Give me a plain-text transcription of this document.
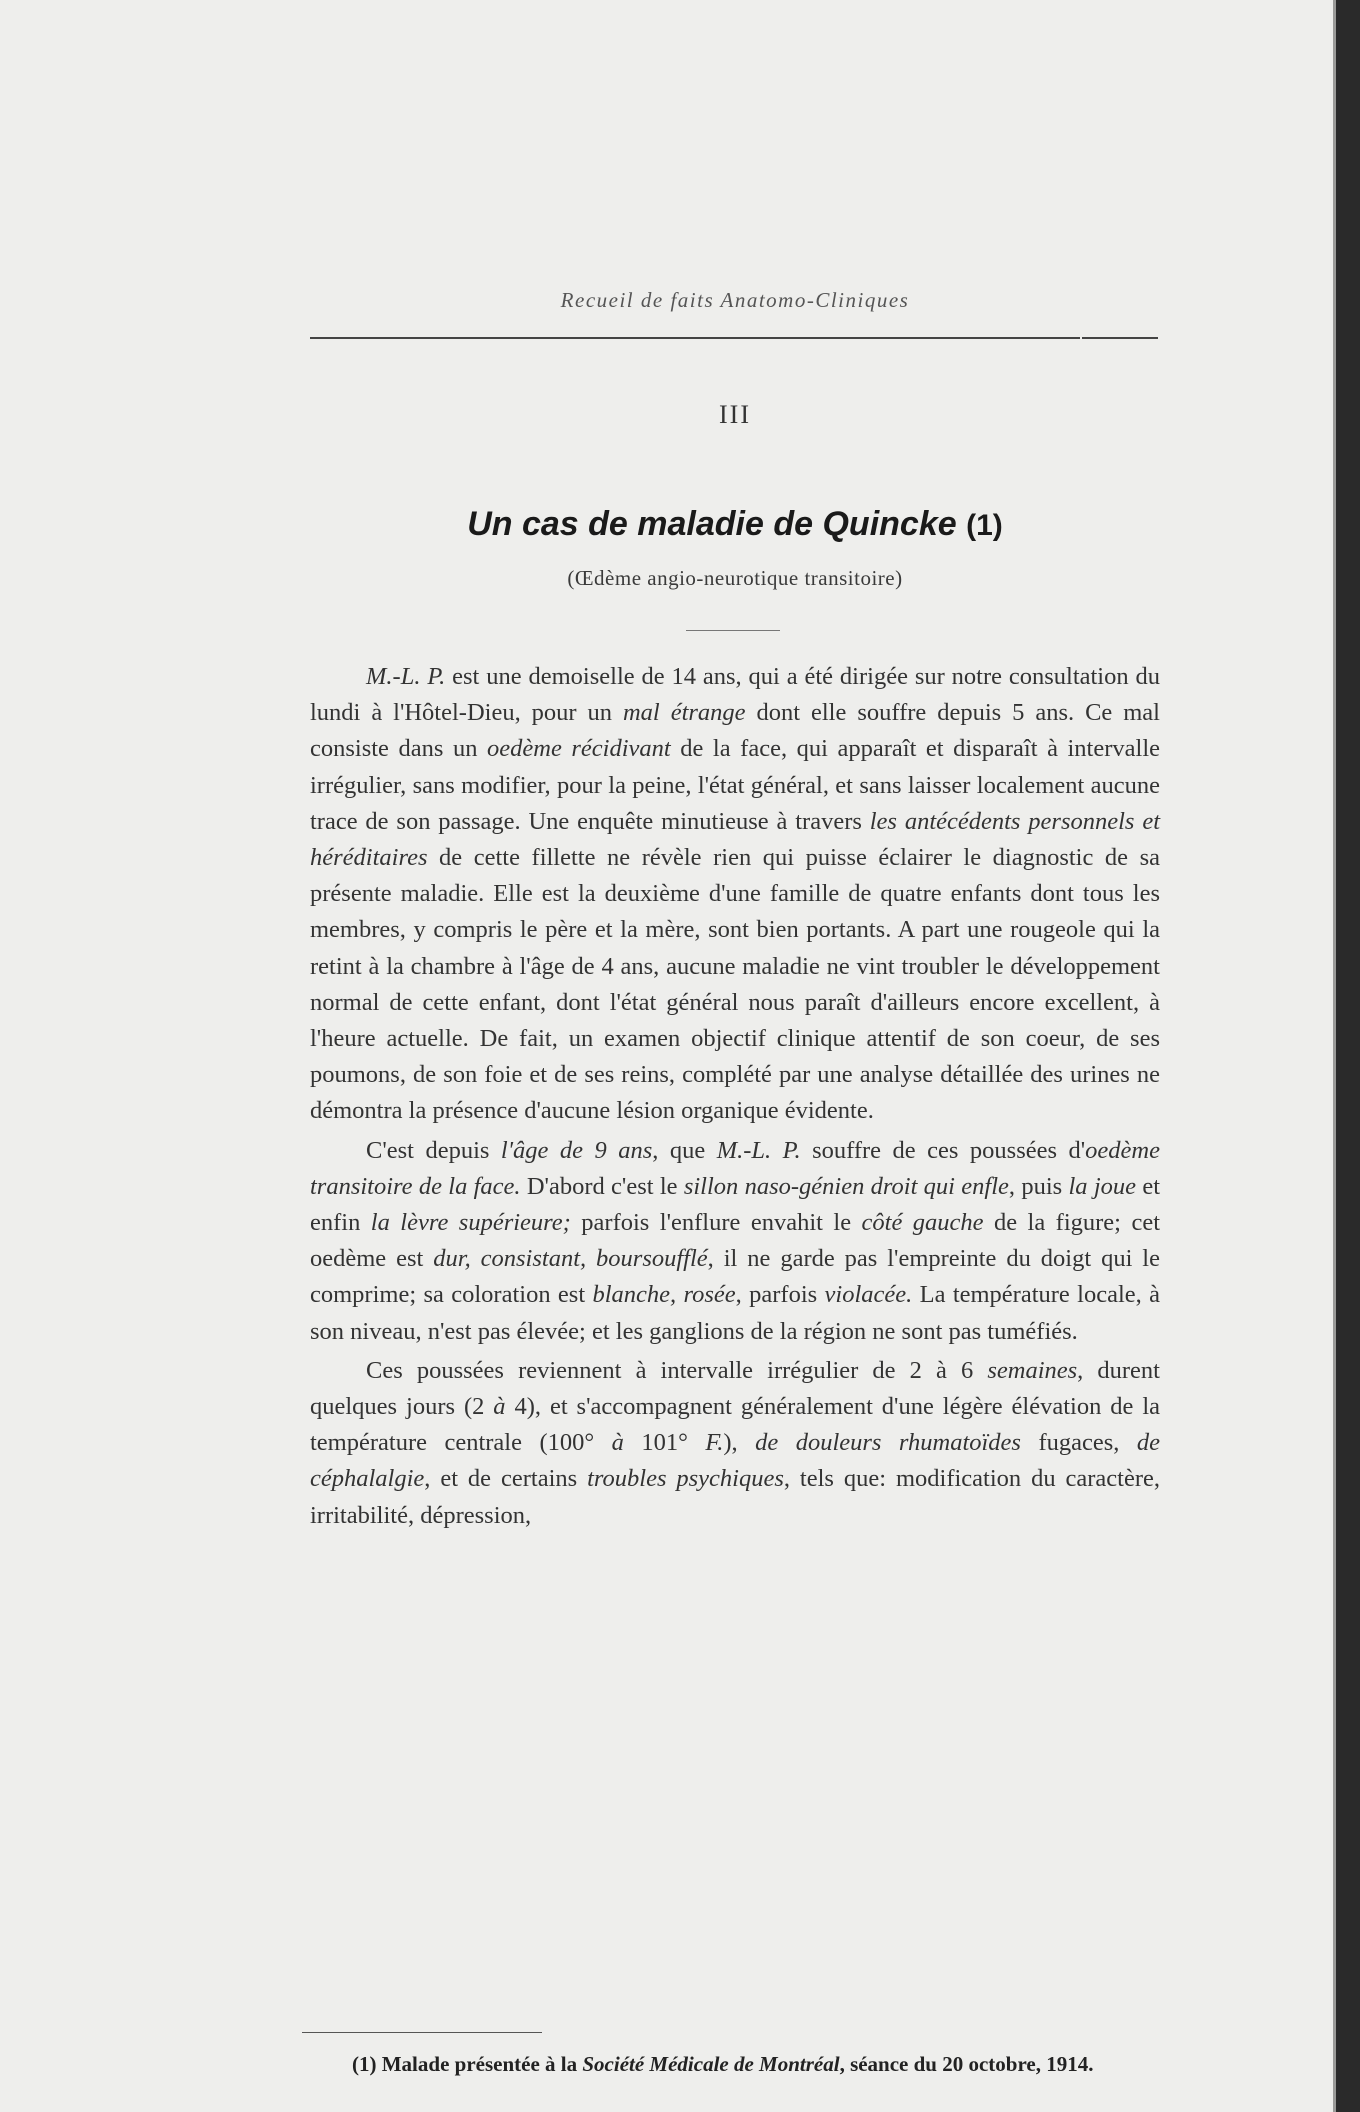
Recueil de faits Anatomo-Cliniques
III
Un cas de maladie de Quincke (1)
(Œdème angio-neurotique transitoire)

M.-L. P. est une demoiselle de 14 ans, qui a été dirigée sur notre consultation du lundi à l'Hôtel-Dieu, pour un mal étrange dont elle souffre depuis 5 ans. Ce mal consiste dans un oedème récidivant de la face, qui apparaît et disparaît à intervalle irrégulier, sans modifier, pour la peine, l'état général, et sans laisser localement aucune trace de son passage. Une enquête minutieuse à travers les antécédents personnels et héréditaires de cette fillette ne révèle rien qui puisse éclairer le diagnostic de sa présente maladie. Elle est la deuxième d'une famille de quatre enfants dont tous les membres, y compris le père et la mère, sont bien portants. A part une rougeole qui la retint à la chambre à l'âge de 4 ans, aucune maladie ne vint troubler le développement normal de cette enfant, dont l'état général nous paraît d'ailleurs encore excellent, à l'heure actuelle. De fait, un examen objectif clinique attentif de son coeur, de ses poumons, de son foie et de ses reins, complété par une analyse détaillée des urines ne démontra la présence d'aucune lésion organique évidente.

C'est depuis l'âge de 9 ans, que M.-L. P. souffre de ces poussées d'oedème transitoire de la face. D'abord c'est le sillon naso-génien droit qui enfle, puis la joue et enfin la lèvre supérieure; parfois l'enflure envahit le côté gauche de la figure; cet oedème est dur, consistant, boursoufflé, il ne garde pas l'empreinte du doigt qui le comprime; sa coloration est blanche, rosée, parfois violacée. La température locale, à son niveau, n'est pas élevée; et les ganglions de la région ne sont pas tuméfiés.

Ces poussées reviennent à intervalle irrégulier de 2 à 6 semaines, durent quelques jours (2 à 4), et s'accompagnent généralement d'une légère élévation de la température centrale (100° à 101° F.), de douleurs rhumatoïdes fugaces, de céphalalgie, et de certains troubles psychiques, tels que: modification du caractère, irritabilité, dépression,

(1) Malade présentée à la Société Médicale de Montréal, séance du 20 octobre, 1914.
